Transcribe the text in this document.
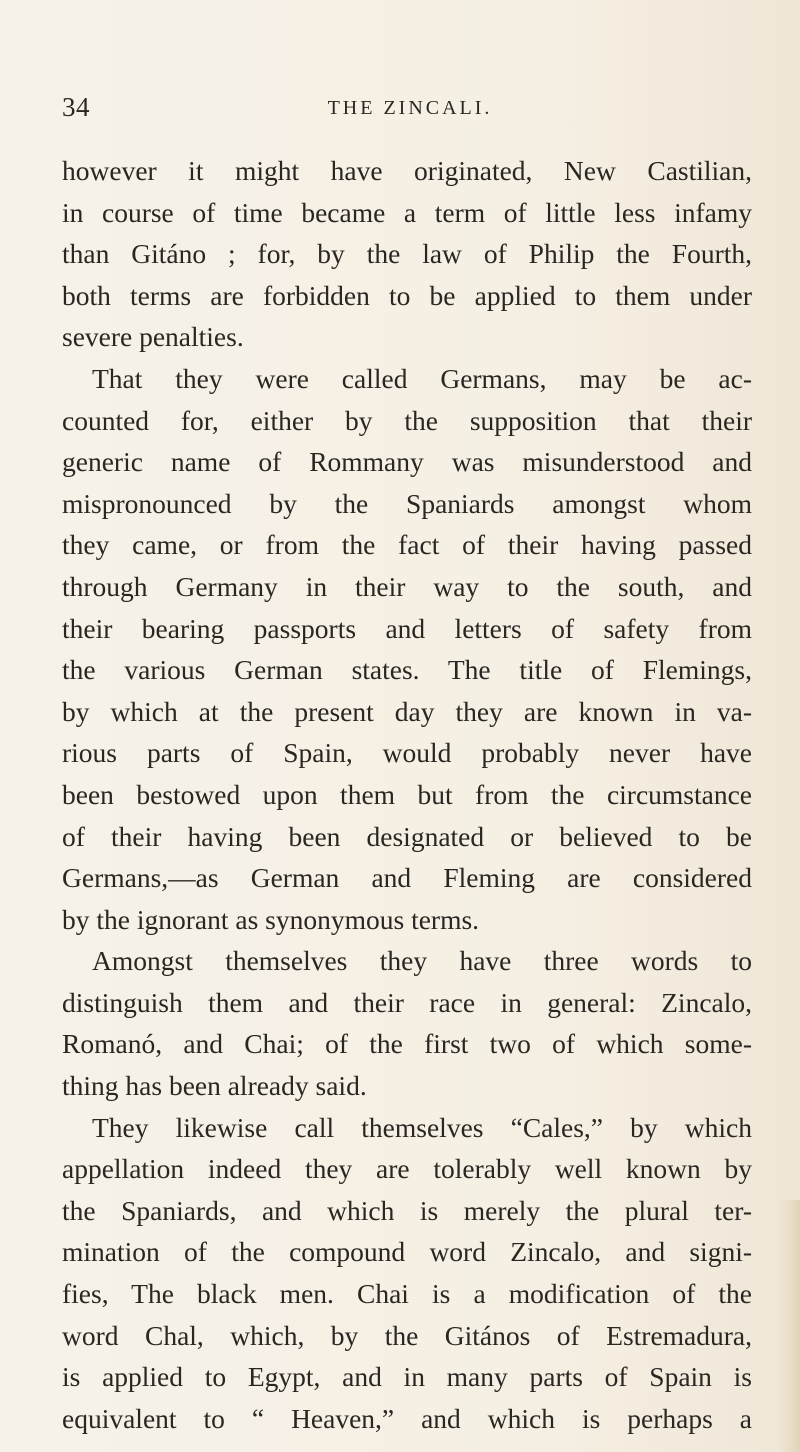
34	THE ZINCALI.
however it might have originated, New Castilian,
in course of time became a term of little less infamy
than Gitáno ; for, by the law of Philip the Fourth,
both terms are forbidden to be applied to them under
severe penalties.
That they were called Germans, may be ac-
counted for, either by the supposition that their
generic name of Rommany was misunderstood and
mispronounced by the Spaniards amongst whom
they came, or from the fact of their having passed
through Germany in their way to the south, and
their bearing passports and letters of safety from
the various German states. The title of Flemings,
by which at the present day they are known in va-
rious parts of Spain, would probably never have
been bestowed upon them but from the circumstance
of their having been designated or believed to be
Germans,—as German and Fleming are considered
by the ignorant as synonymous terms.
Amongst themselves they have three words to
distinguish them and their race in general: Zincalo,
Romanó, and Chai; of the first two of which some-
thing has been already said.
They likewise call themselves “Cales,” by which
appellation indeed they are tolerably well known by
the Spaniards, and which is merely the plural ter-
mination of the compound word Zincalo, and signi-
fies, The black men. Chai is a modification of the
word Chal, which, by the Gitános of Estremadura,
is applied to Egypt, and in many parts of Spain is
equivalent to “ Heaven,” and which is perhaps a
